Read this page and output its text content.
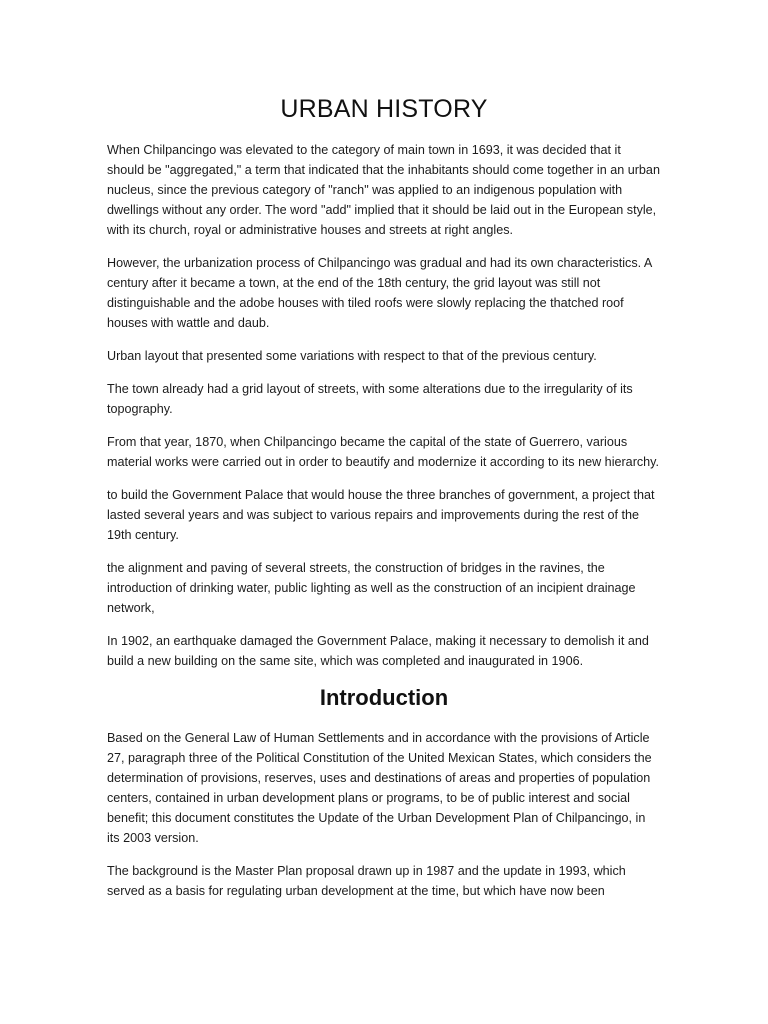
URBAN HISTORY

When Chilpancingo was elevated to the category of main town in 1693, it was decided that it should be "aggregated," a term that indicated that the inhabitants should come together in an urban nucleus, since the previous category of "ranch" was applied to an indigenous population with dwellings without any order. The word "add" implied that it should be laid out in the European style, with its church, royal or administrative houses and streets at right angles.

However, the urbanization process of Chilpancingo was gradual and had its own characteristics. A century after it became a town, at the end of the 18th century, the grid layout was still not distinguishable and the adobe houses with tiled roofs were slowly replacing the thatched roof houses with wattle and daub.

Urban layout that presented some variations with respect to that of the previous century.

The town already had a grid layout of streets, with some alterations due to the irregularity of its topography.

From that year, 1870, when Chilpancingo became the capital of the state of Guerrero, various material works were carried out in order to beautify and modernize it according to its new hierarchy.

to build the Government Palace that would house the three branches of government, a project that lasted several years and was subject to various repairs and improvements during the rest of the 19th century.

the alignment and paving of several streets, the construction of bridges in the ravines, the introduction of drinking water, public lighting as well as the construction of an incipient drainage network,

In 1902, an earthquake damaged the Government Palace, making it necessary to demolish it and build a new building on the same site, which was completed and inaugurated in 1906.

Introduction

Based on the General Law of Human Settlements and in accordance with the provisions of Article 27, paragraph three of the Political Constitution of the United Mexican States, which considers the determination of provisions, reserves, uses and destinations of areas and properties of population centers, contained in urban development plans or programs, to be of public interest and social benefit; this document constitutes the Update of the Urban Development Plan of Chilpancingo, in its 2003 version.

The background is the Master Plan proposal drawn up in 1987 and the update in 1993, which served as a basis for regulating urban development at the time, but which have now been
